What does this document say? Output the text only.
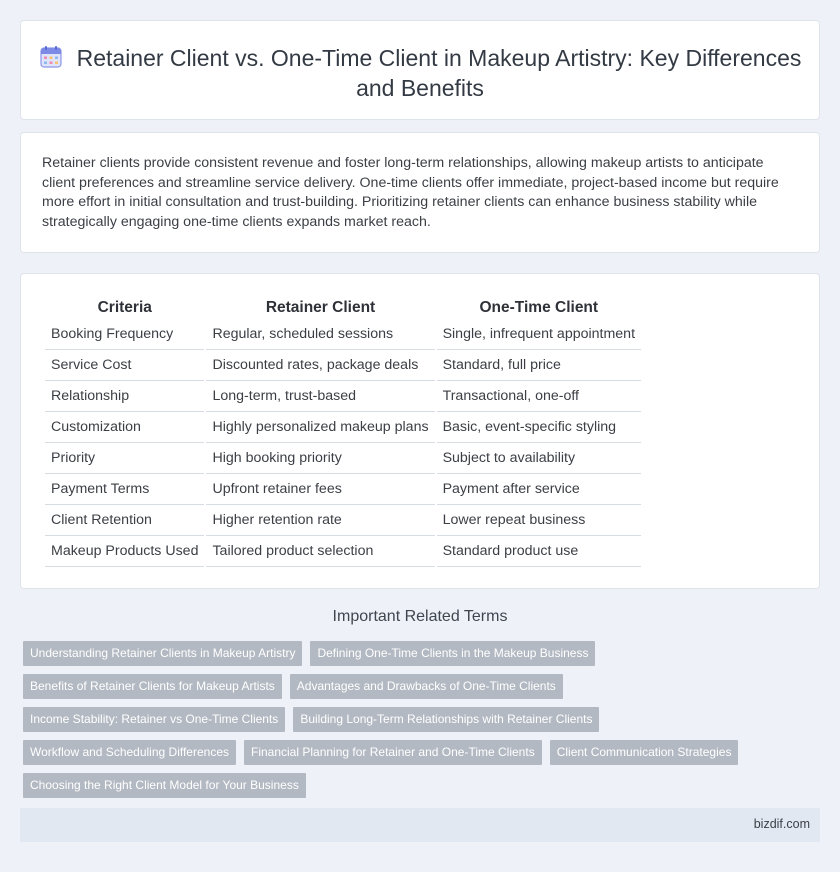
Retainer Client vs. One-Time Client in Makeup Artistry: Key Differences and Benefits

Retainer clients provide consistent revenue and foster long-term relationships, allowing makeup artists to anticipate client preferences and streamline service delivery. One-time clients offer immediate, project-based income but require more effort in initial consultation and trust-building. Prioritizing retainer clients can enhance business stability while strategically engaging one-time clients expands market reach.

Criteria	Retainer Client	One-Time Client
Booking Frequency	Regular, scheduled sessions	Single, infrequent appointment
Service Cost	Discounted rates, package deals	Standard, full price
Relationship	Long-term, trust-based	Transactional, one-off
Customization	Highly personalized makeup plans	Basic, event-specific styling
Priority	High booking priority	Subject to availability
Payment Terms	Upfront retainer fees	Payment after service
Client Retention	Higher retention rate	Lower repeat business
Makeup Products Used	Tailored product selection	Standard product use
Important Related Terms
Understanding Retainer Clients in Makeup Artistry	Defining One-Time Clients in the Makeup Business
Benefits of Retainer Clients for Makeup Artists	Advantages and Drawbacks of One-Time Clients
Income Stability: Retainer vs One-Time Clients	Building Long-Term Relationships with Retainer Clients
Workflow and Scheduling Differences	Financial Planning for Retainer and One-Time Clients	Client Communication Strategies
Choosing the Right Client Model for Your Business
bizdif.com
